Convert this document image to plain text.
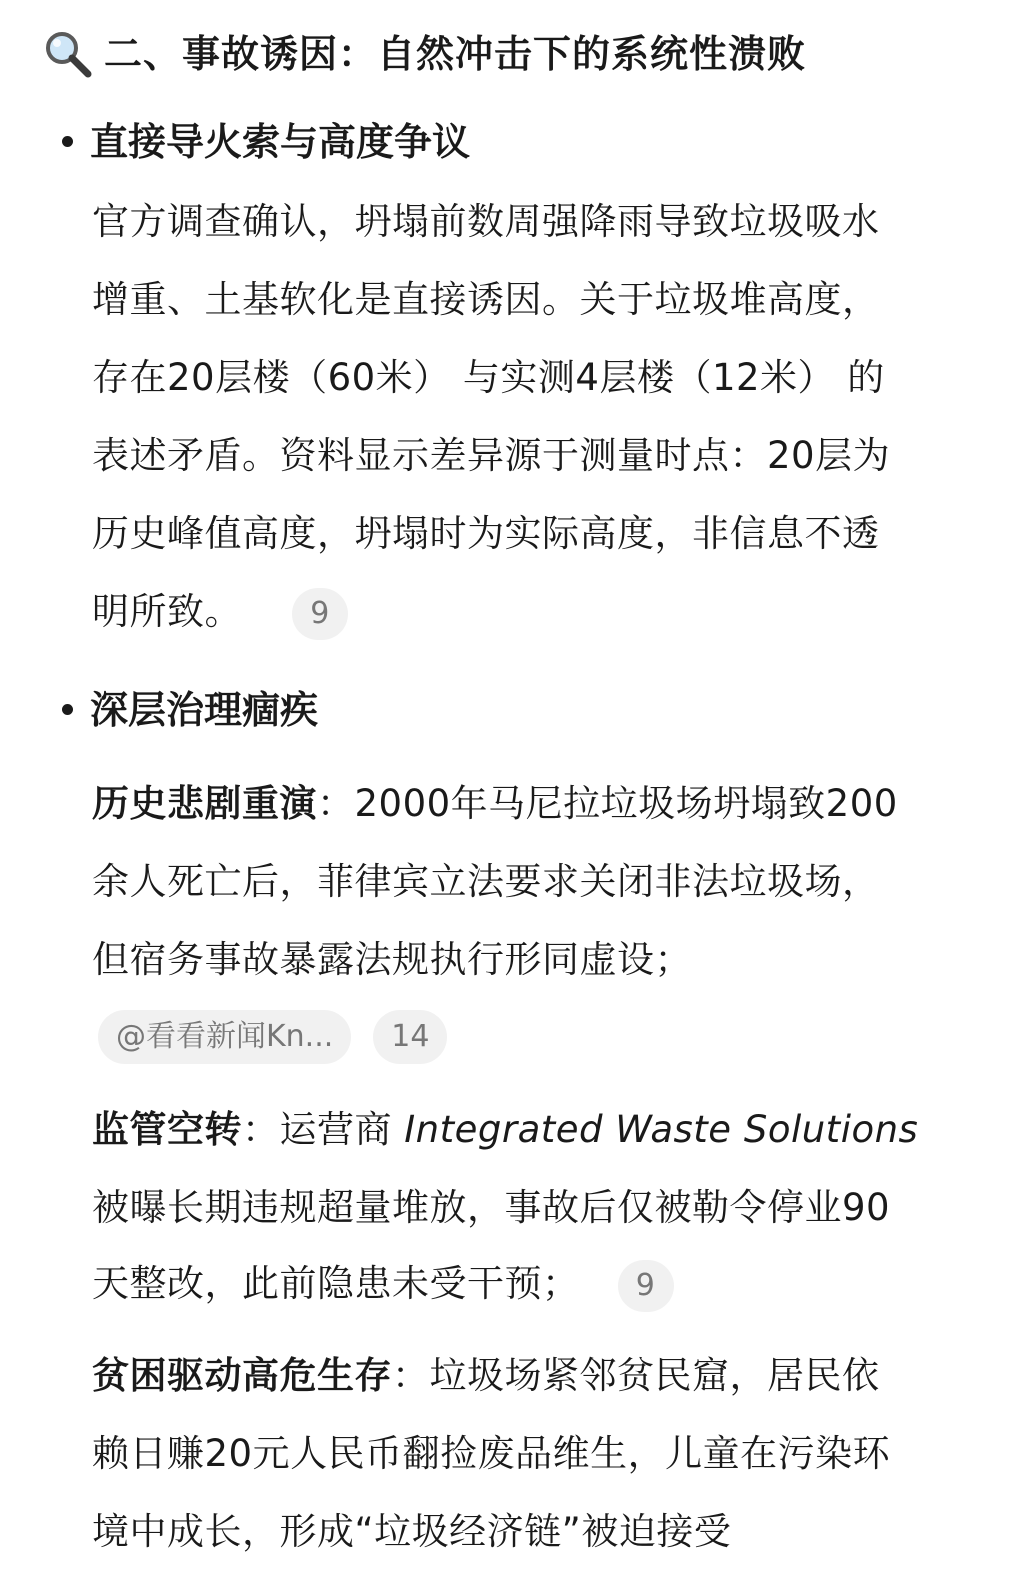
二、事故诱因：自然冲击下的系统性溃败
直接导火索与高度争议
官方调查确认，坍塌前数周强降雨导致垃圾吸水
增重、土基软化是直接诱因。关于垃圾堆高度，
存在20层楼（60米） 与实测4层楼（12米） 的
表述矛盾。资料显示差异源于测量时点：20层为
历史峰值高度，坍塌时为实际高度，非信息不透
明所致。 9
深层治理痼疾
历史悲剧重演：2000年马尼拉垃圾场坍塌致200
余人死亡后，菲律宾立法要求关闭非法垃圾场，
但宿务事故暴露法规执行形同虚设；
@看看新闻Kn...	14
监管空转：运营商 Integrated Waste Solutions
被曝长期违规超量堆放，事故后仅被勒令停业90
天整改，此前隐患未受干预； 9
贫困驱动高危生存：垃圾场紧邻贫民窟，居民依
赖日赚20元人民币翻捡废品维生，儿童在污染环
境中成长，形成“垃圾经济链”被迫接受
